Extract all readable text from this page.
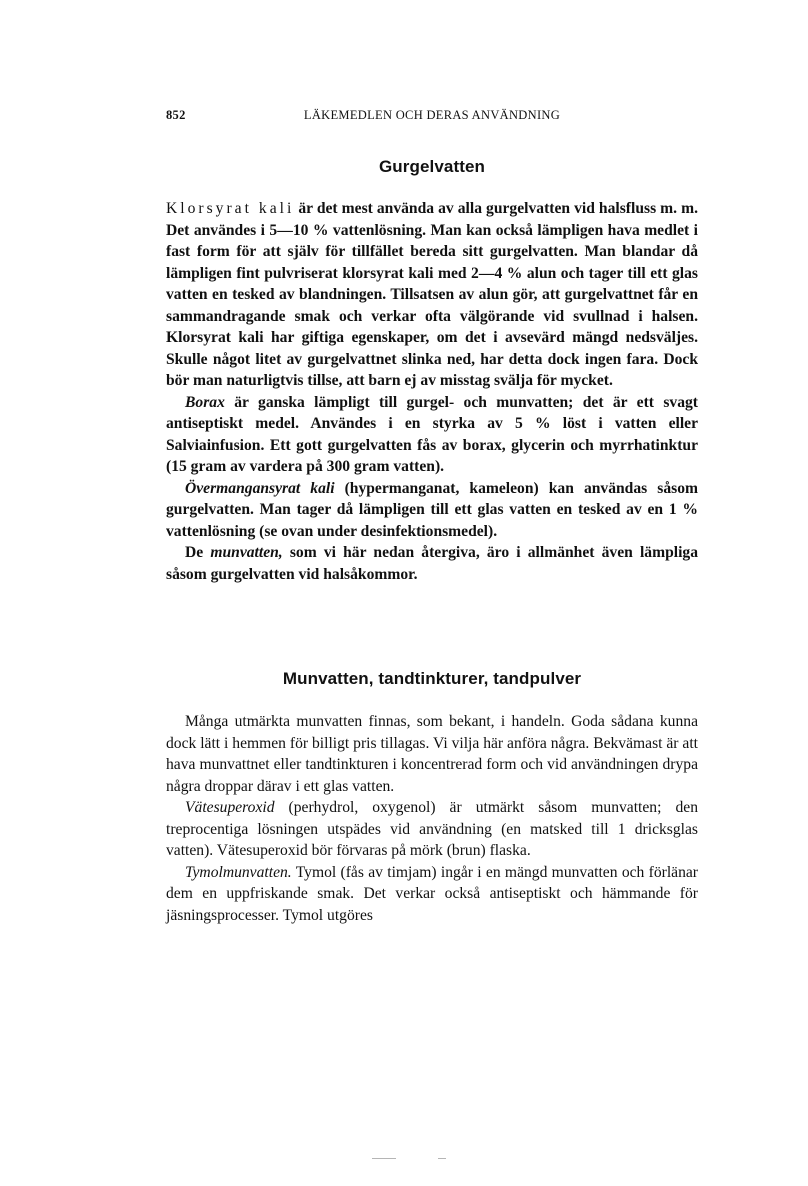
852	LÄKEMEDLEN OCH DERAS ANVÄNDNING
Gurgelvatten

Klorsyrat kali är det mest använda av alla gurgelvatten vid halsfluss m. m. Det användes i 5—10 % vattenlösning. Man kan också lämpligen hava medlet i fast form för att själv för tillfället bereda sitt gurgelvatten. Man blandar då lämpligen fint pulvriserat klorsyrat kali med 2—4 % alun och tager till ett glas vatten en tesked av blandningen. Tillsatsen av alun gör, att gurgelvattnet får en sammandragande smak och verkar ofta välgörande vid svullnad i halsen. Klorsyrat kali har giftiga egenskaper, om det i avsevärd mängd nedsväljes. Skulle något litet av gurgelvattnet slinka ned, har detta dock ingen fara. Dock bör man naturligtvis tillse, att barn ej av misstag svälja för mycket.

Borax är ganska lämpligt till gurgel- och munvatten; det är ett svagt antiseptiskt medel. Användes i en styrka av 5 % löst i vatten eller Salviainfusion. Ett gott gurgelvatten fås av borax, glycerin och myrrhatinktur (15 gram av vardera på 300 gram vatten).

Övermangansyrat kali (hypermanganat, kameleon) kan användas såsom gurgelvatten. Man tager då lämpligen till ett glas vatten en tesked av en 1 % vattenlösning (se ovan under desinfektionsmedel).

De munvatten, som vi här nedan återgiva, äro i allmänhet även lämpliga såsom gurgelvatten vid halsåkommor.

Munvatten, tandtinkturer, tandpulver

Många utmärkta munvatten finnas, som bekant, i handeln. Goda sådana kunna dock lätt i hemmen för billigt pris tillagas. Vi vilja här anföra några. Bekvämast är att hava munvattnet eller tandtinkturen i koncentrerad form och vid användningen drypa några droppar därav i ett glas vatten.

Vätesuperoxid (perhydrol, oxygenol) är utmärkt såsom munvatten; den treprocentiga lösningen utspädes vid användning (en matsked till 1 dricksglas vatten). Vätesuperoxid bör förvaras på mörk (brun) flaska.

Tymolmunvatten. Tymol (fås av timjam) ingår i en mängd munvatten och förlänar dem en uppfriskande smak. Det verkar också antiseptiskt och hämmande för jäsningsprocesser. Tymol utgöres
